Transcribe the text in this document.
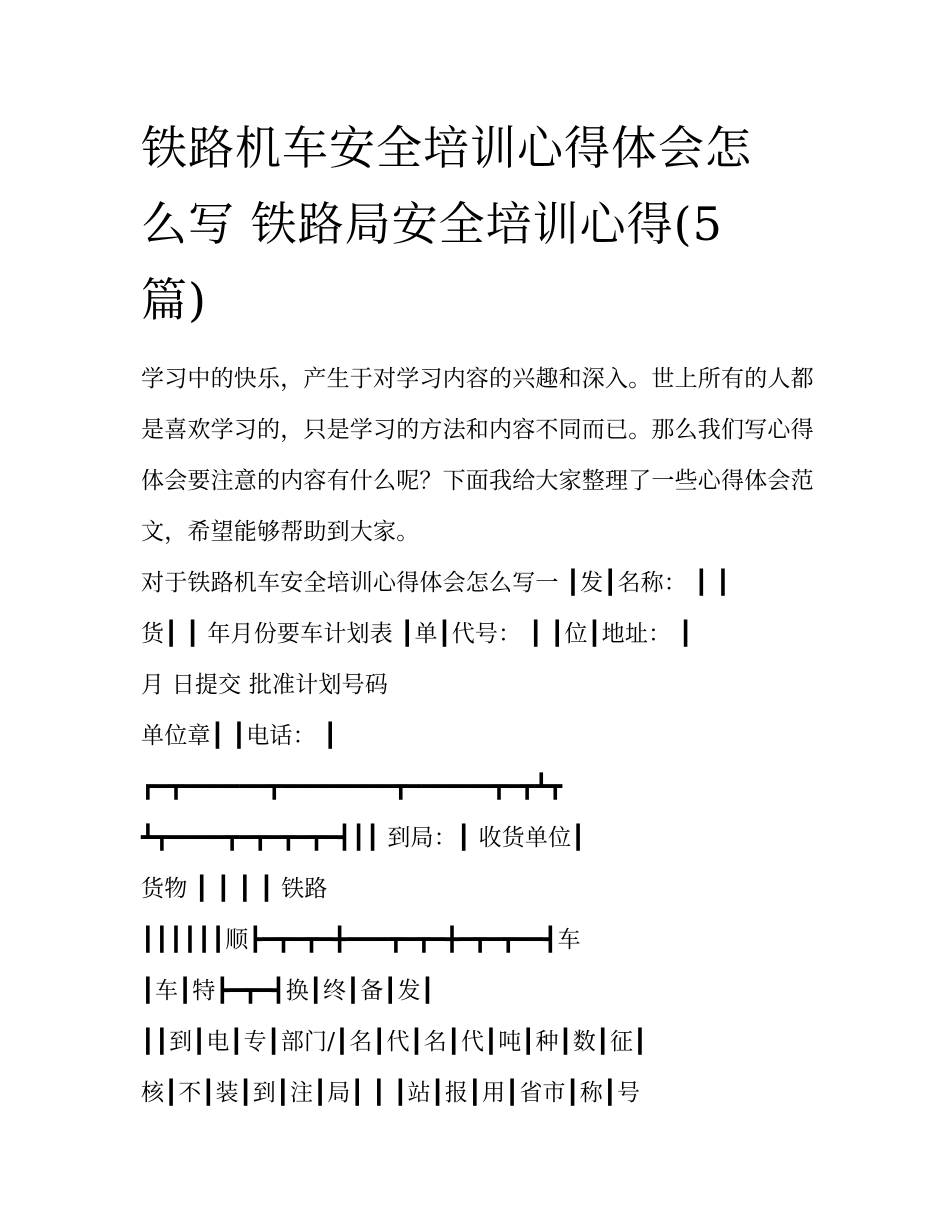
铁路机车安全培训心得体会怎
么写 铁路局安全培训心得(5
篇)

学习中的快乐，产生于对学习内容的兴趣和深入。世上所有的人都是喜欢学习的，只是学习的方法和内容不同而已。那么我们写心得体会要注意的内容有什么呢？下面我给大家整理了一些心得体会范文，希望能够帮助到大家。

对于铁路机车安全培训心得体会怎么写一 ┃发┃名称： ┃ ┃

货┃ ┃ 年月份要车计划表 ┃单┃代号： ┃ ┃位┃地址： ┃

月 日提交 批准计划号码

单位章┃ ┃电话： ┃

┏━┳━━━━━━┳━━━━━━━━┳━━━━━━┳━┳┻┳

┻┳━━━━┳━┳━┳━┳━┫┃┃ 到局：┃ 收货单位┃

货物 ┃ ┃ ┃ ┃ 铁路

┃┃┃┃┃┃顺┣━┳━┳━╋━━━┳━┳━╋━┳━┳━━┫车

┃车┃特┣━┳━┫换┃终┃备┃发┃

┃┃到┃电┃专┃部门/┃名┃代┃名┃代┃吨┃种┃数┃征┃

核┃不┃装┃到┃注┃局┃ ┃ ┃站┃报┃用┃省市┃称┃号
